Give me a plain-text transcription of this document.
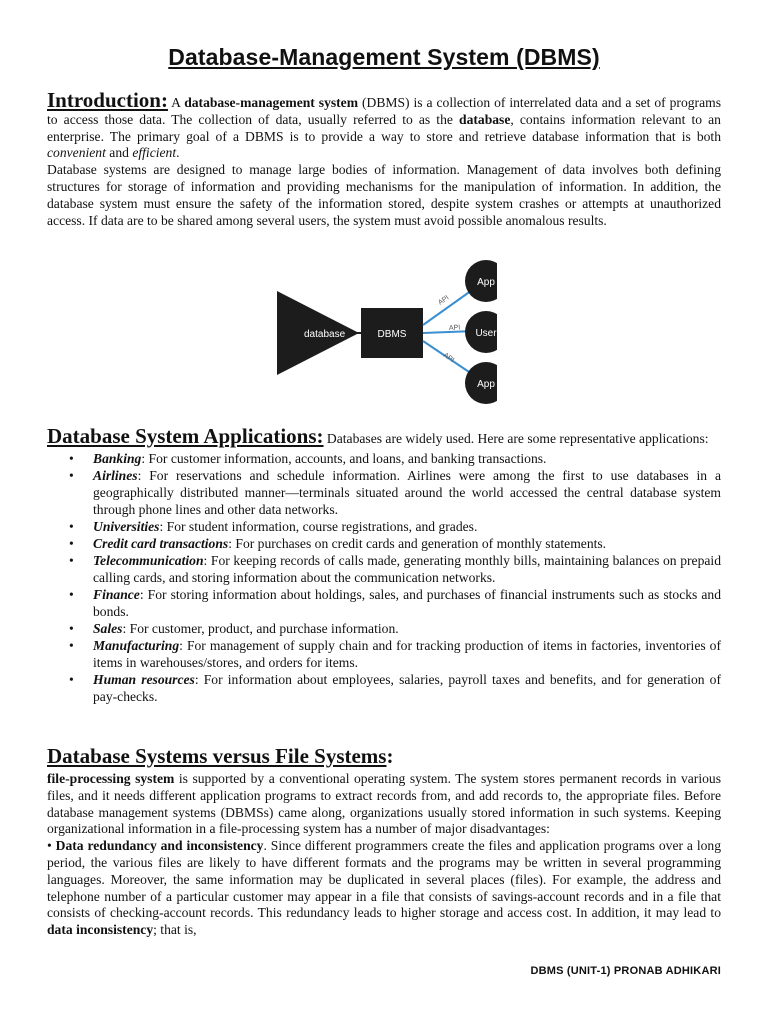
Database-Management System (DBMS)

Introduction: A database-management system (DBMS) is a collection of interrelated data and a set of programs to access those data. The collection of data, usually referred to as the database, contains information relevant to an enterprise. The primary goal of a DBMS is to provide a way to store and retrieve database information that is both convenient and efficient.

Database systems are designed to manage large bodies of information. Management of data involves both defining structures for storage of information and providing mechanisms for the manipulation of information. In addition, the database system must ensure the safety of the information stored, despite system crashes or attempts at unauthorized access. If data are to be shared among several users, the system must avoid possible anomalous results.

database	DBMS
API
API
API
App
User
App

Database System Applications: Databases are widely used. Here are some representative applications:

• Banking: For customer information, accounts, and loans, and banking transactions.
• Airlines: For reservations and schedule information. Airlines were among the first to use databases in a geographically distributed manner—terminals situated around the world accessed the central database system through phone lines and other data networks.
• Universities: For student information, course registrations, and grades.
• Credit card transactions: For purchases on credit cards and generation of monthly statements.
• Telecommunication: For keeping records of calls made, generating monthly bills, maintaining balances on prepaid calling cards, and storing information about the communication networks.
• Finance: For storing information about holdings, sales, and purchases of financial instruments such as stocks and bonds.
• Sales: For customer, product, and purchase information.
• Manufacturing: For management of supply chain and for tracking production of items in factories, inventories of items in warehouses/stores, and orders for items.
• Human resources: For information about employees, salaries, payroll taxes and benefits, and for generation of pay-checks.
Database Systems versus File Systems:

file-processing system is supported by a conventional operating system. The system stores permanent records in various files, and it needs different application programs to extract records from, and add records to, the appropriate files. Before database management systems (DBMSs) came along, organizations usually stored information in such systems. Keeping organizational information in a file-processing system has a number of major disadvantages:

• Data redundancy and inconsistency. Since different programmers create the files and application programs over a long period, the various files are likely to have different formats and the programs may be written in several programming languages. Moreover, the same information may be duplicated in several places (files). For example, the address and telephone number of a particular customer may appear in a file that consists of savings-account records and in a file that consists of checking-account records. This redundancy leads to higher storage and access cost. In addition, it may lead to data inconsistency; that is,

DBMS (UNIT-1) PRONAB ADHIKARI
